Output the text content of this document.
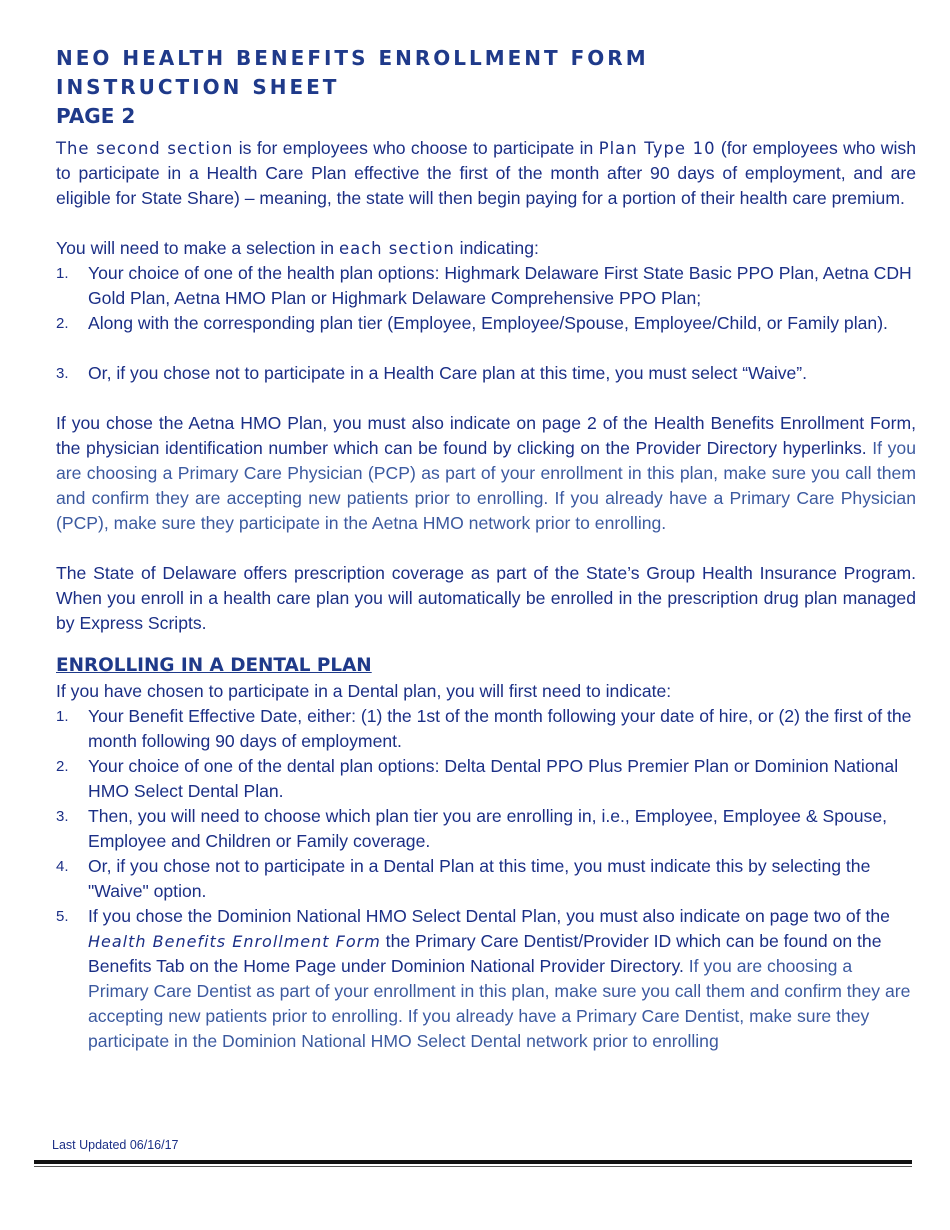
NEO HEALTH BENEFITS ENROLLMENT FORM
INSTRUCTION SHEET
PAGE 2

The second section is for employees who choose to participate in Plan Type 10 (for employees who wish to participate in a Health Care Plan effective the first of the month after 90 days of employment, and are eligible for State Share) – meaning, the state will then begin paying for a portion of their health care premium.

You will need to make a selection in each section indicating:

1. Your choice of one of the health plan options: Highmark Delaware First State Basic PPO Plan, Aetna CDH Gold Plan, Aetna HMO Plan or Highmark Delaware Comprehensive PPO Plan;
2. Along with the corresponding plan tier (Employee, Employee/Spouse, Employee/Child, or Family plan).
3. Or, if you chose not to participate in a Health Care plan at this time, you must select “Waive”.

If you chose the Aetna HMO Plan, you must also indicate on page 2 of the Health Benefits Enrollment Form, the physician identification number which can be found by clicking on the Provider Directory hyperlinks. If you are choosing a Primary Care Physician (PCP) as part of your enrollment in this plan, make sure you call them and confirm they are accepting new patients prior to enrolling. If you already have a Primary Care Physician (PCP), make sure they participate in the Aetna HMO network prior to enrolling.

The State of Delaware offers prescription coverage as part of the State’s Group Health Insurance Program. When you enroll in a health care plan you will automatically be enrolled in the prescription drug plan managed by Express Scripts.

ENROLLING IN A DENTAL PLAN

If you have chosen to participate in a Dental plan, you will first need to indicate:

1. Your Benefit Effective Date, either: (1) the 1st of the month following your date of hire, or (2) the first of the month following 90 days of employment.
2. Your choice of one of the dental plan options: Delta Dental PPO Plus Premier Plan or Dominion National HMO Select Dental Plan.
3. Then, you will need to choose which plan tier you are enrolling in, i.e., Employee, Employee & Spouse, Employee and Children or Family coverage.
4. Or, if you chose not to participate in a Dental Plan at this time, you must indicate this by selecting the "Waive" option.
5. If you chose the Dominion National HMO Select Dental Plan, you must also indicate on page two of the Health Benefits Enrollment Form the Primary Care Dentist/Provider ID which can be found on the Benefits Tab on the Home Page under Dominion National Provider Directory. If you are choosing a Primary Care Dentist as part of your enrollment in this plan, make sure you call them and confirm they are accepting new patients prior to enrolling. If you already have a Primary Care Dentist, make sure they participate in the Dominion National HMO Select Dental network prior to enrolling
Last Updated 06/16/17
